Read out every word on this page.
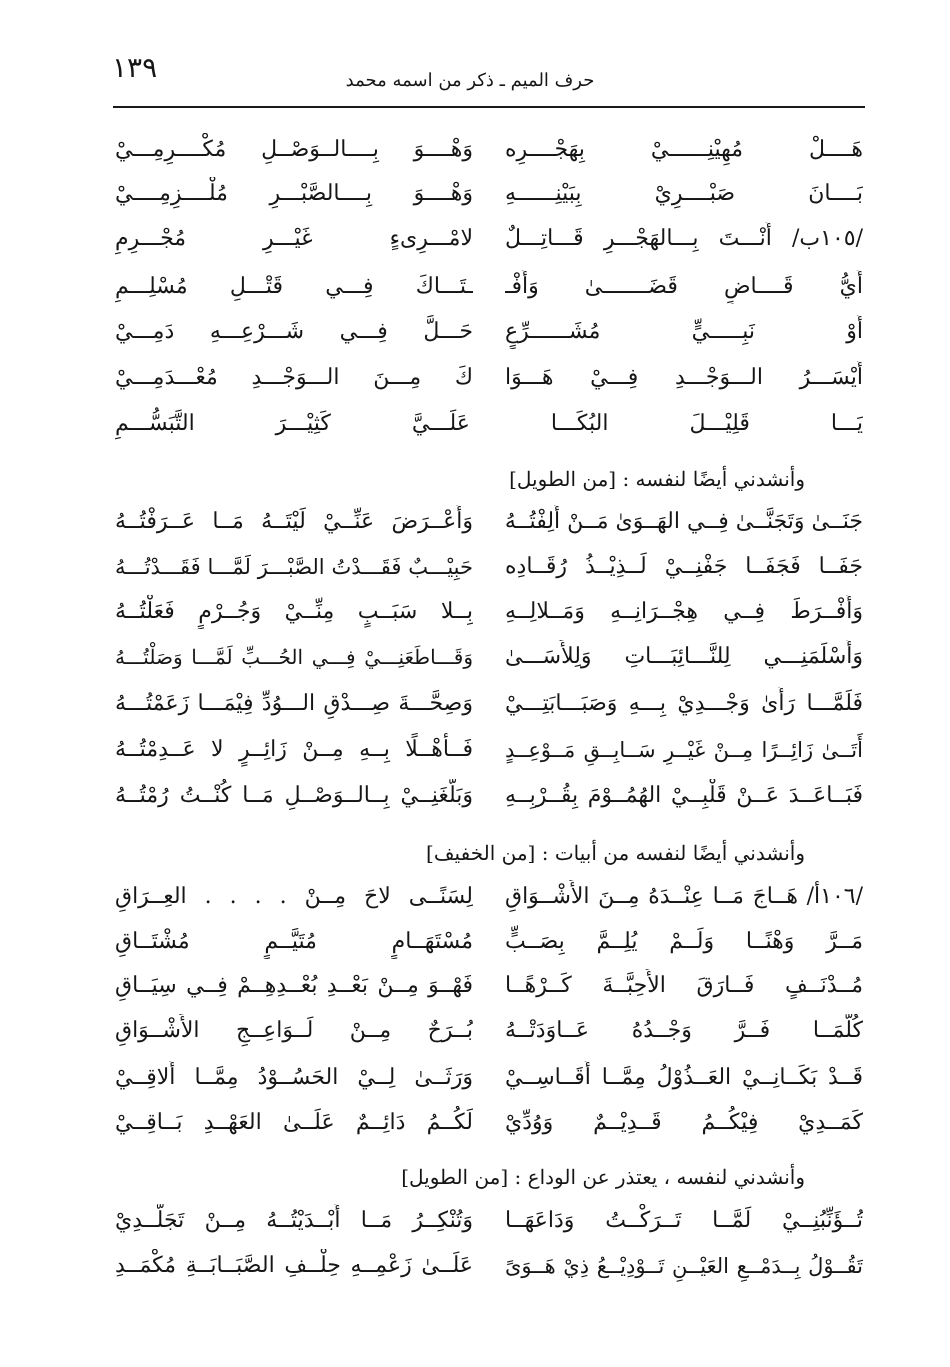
١٣٩	حرف الميم ـ ذكر من اسمه محمد
هَــــلْ مُهِيْنِــــــيْ بِهَجْــــرِه
وَهْــــوَ بِــــالــوَصْــلِ مُكْــــرِمِـــيْ
بَــــانَ صَبْــــرِيْ بِبَيْنِــــــهِ
وَهْــــوَ بِــــالصَّبْـــرِ مُلْــــزِمِــــيْ
/١٠٥ب/ أَنْـــتَ بِـــالهَجْـــرِ قَـــاتِـــلٌ
لامْـــرِىءٍ غَيْـــرِ مُجْـــرِمِ
أَيُّ قَــــاضٍ قَضَـــــــىٰ وَأَفْـ
ـتَـــاكَ فِـــي قَتْـــلِ مُسْلِـــمِ
أَوْ نَبِـــــيٍّ مُشَــــــرِّعٍ
حَـــلَّ فِـــي شَـــرْعِـــهِ دَمِـــيْ
أَيْسَـــرُ الـــوَجْـــدِ فِـــيْ هَـــوَا
كَ مِـــنَ الـــوَجْـــدِ مُعْـــدَمِـــيْ
يَـــا قَلِيْـــلَ البُكَـــا عَلَـــيَّ كَثِيْـــرَ التَّبَسُّـــمِ
وأنشدني أيضًا لنفسه : [من الطويل]
جَنَــىٰ وَتَجَنَّــىٰ فِــي الهَــوَىٰ مَــنْ أَلِفْتُــهُ
وَأَعْــرَضَ عَنِّــيْ لَيْتَــهُ مَــا عَــرَفْتُــهُ
جَفَــا فَجَفَــا جَفْنِــيْ لَــذِيْــذُ رُقَــادِه
حَبِيْـــبٌ فَقَـــدْتُ الصَّبْـــرَ لَمَّـــا فَقَـــدْتُـــهُ
وَأَفْــرَطَ فِــي هِجْــرَانِــهِ وَمَــلالِــهِ
بِــلا سَبَــبٍ مِنِّــيْ وَجُــرْمٍ فَعَلْتُــهُ
وَأَسْلَمَنِـــي لِلنَّـــائِبَـــاتِ وَلِلأَسَـــىٰ
وَقَـــاطَعَنِـــيْ فِـــي الحُـــبِّ لَمَّـــا وَصَلْتُـــهُ
فَلَمَّـــا رَأَىٰ وَجْـــدِيْ بِـــهِ وَصَبَـــابَتِـــيْ
وَصِحَّـــةَ صِـــدْقِ الـــوُدِّ فِيْمَـــا زَعَمْتُـــهُ
أَتَــىٰ زَائِــرًا مِــنْ غَيْــرِ سَــابِــقِ مَــوْعِــدٍ
فَــأَهْــلًا بِــهِ مِــنْ زَائِــرٍ لا عَــدِمْتُــهُ
فَبَــاعَــدَ عَــنْ قَلْبِــيْ الهُمُــوْمَ بِقُــرْبِــهِ
وَبَلَّغَنِــيْ بِــالــوَصْــلِ مَــا كُنْــتُ رُمْتُــهُ
وأنشدني أيضًا لنفسه من أبيات : [من الخفيف]
/١٠٦أ/ هَــاجَ مَــا عِنْــدَهُ مِــنَ الأَشْــوَاقِ
لِسَنًــى لاحَ مِــنْ . . . . العِــرَاقِ
مَــرَّ وَهْنًــا وَلَــمْ يُلِــمَّ بِصَــبٍّ
مُسْتَهَــامٍ مُتَيَّــمٍ مُشْتَــاقِ
مُــدْنَــفٍ فَــارَقَ الأَحِبَّــةَ كَــرْهًــا
فَهْــوَ مِــنْ بَعْــدِ بُعْــدِهِــمْ فِــي سِيَــاقِ
كُلَّمَــا فَــرَّ وَجْــدُهُ عَــاوَدَتْــهُ
بُــرَحٌ مِــنْ لَــوَاعِــجِ الأَشْــوَاقِ
قَــدْ بَكَــانِــيْ العَــذُوْلُ مِمَّــا أُقَــاسِــيْ
وَرَثَــىٰ لِــيْ الحَسُــوْدُ مِمَّــا أُلاقِــيْ
كَمَــدِيْ فِيْكُــمُ قَــدِيْــمٌ وَوُدِّيْ
لَكُــمُ دَائِــمٌ عَلَــىٰ العَهْــدِ بَــاقِــيْ
وأنشدني لنفسه ، يعتذر عن الوداع : [من الطويل]
تُــؤَنِّبُنِــيْ لَمَّــا تَــرَكْــتُ وَدَاعَهَــا
وَتُنْكِــرُ مَــا أَبْــدَيْتُــهُ مِــنْ تَجَلُّــدِيْ
تَقُــوْلُ بِــدَمْــعِ العَيْــنِ تَــوْدِيْــعُ ذِيْ هَــوَىً
عَلَــىٰ زَعْمِــهِ حِلْــفِ الصَّبَــابَــةِ مُكْمَــدِ
